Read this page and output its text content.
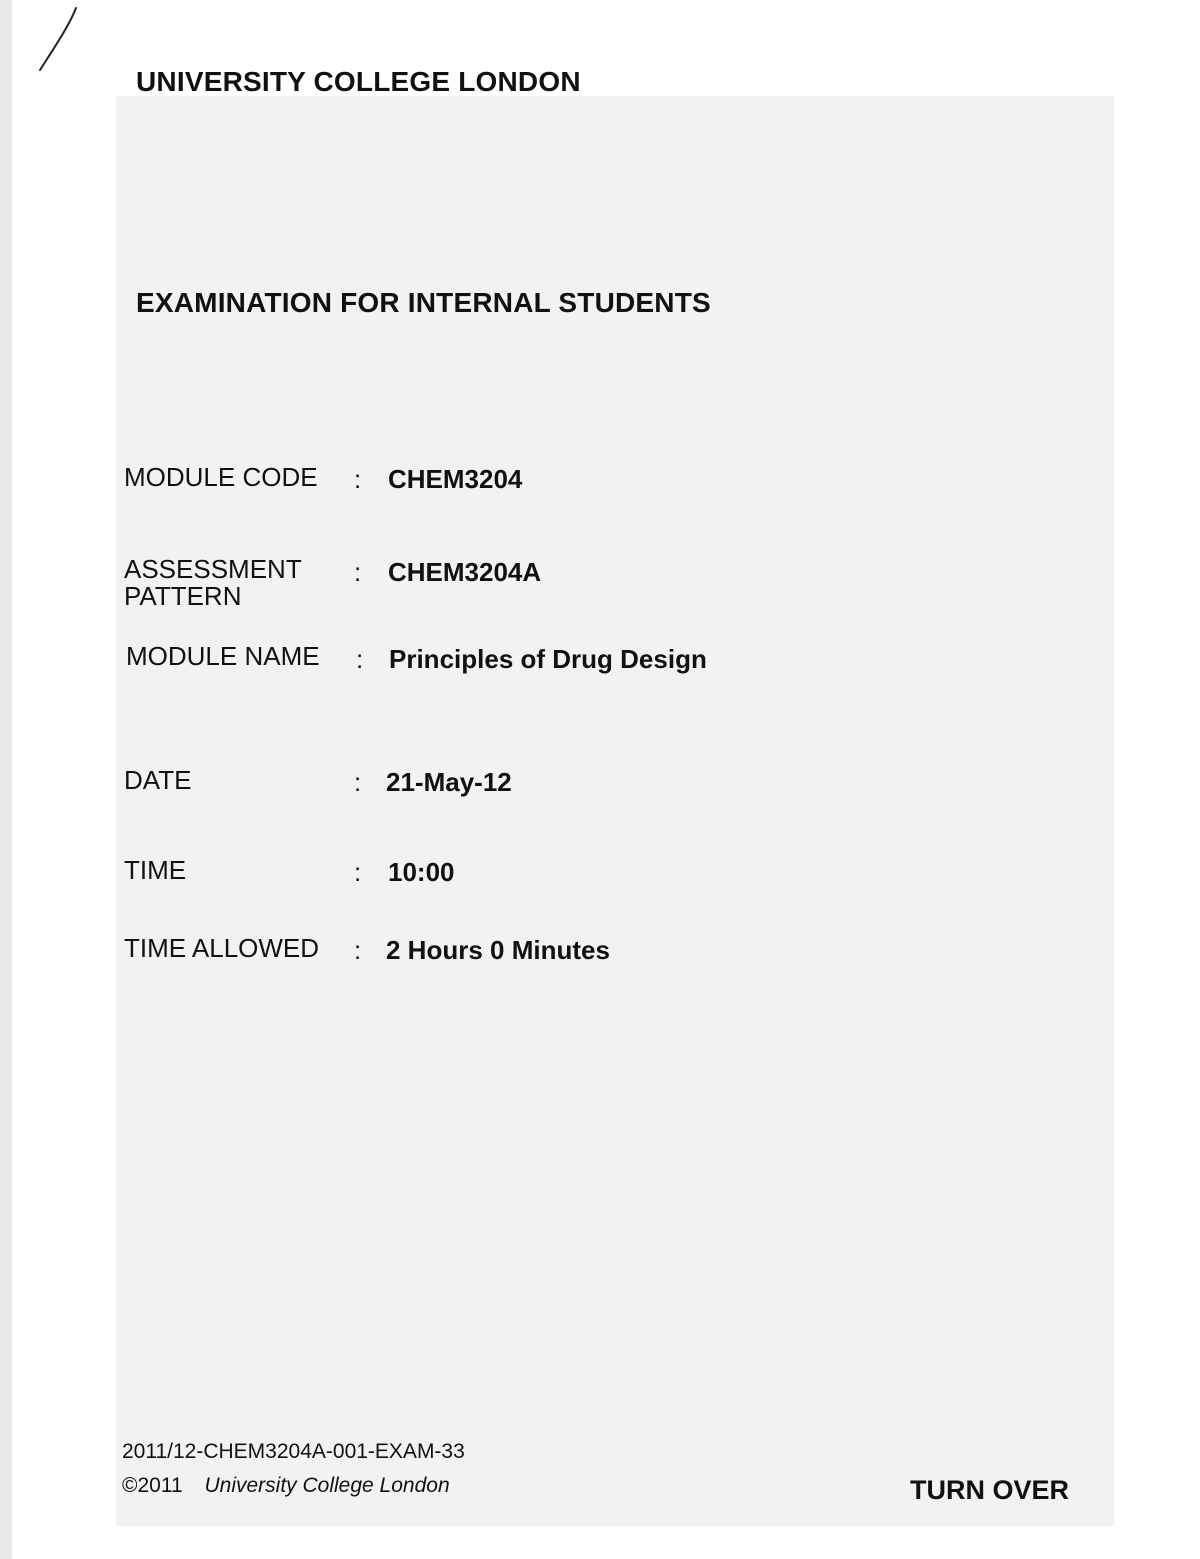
UNIVERSITY COLLEGE LONDON
EXAMINATION FOR INTERNAL STUDENTS
MODULE CODE : CHEM3204
ASSESSMENT
PATTERN
: CHEM3204A
MODULE NAME : Principles of Drug Design
DATE	: 21-May-12
TIME	: 10:00
TIME ALLOWED : 2 Hours 0 Minutes
2011/12-CHEM3204A-001-EXAM-33
©2011 University College London	TURN OVER
